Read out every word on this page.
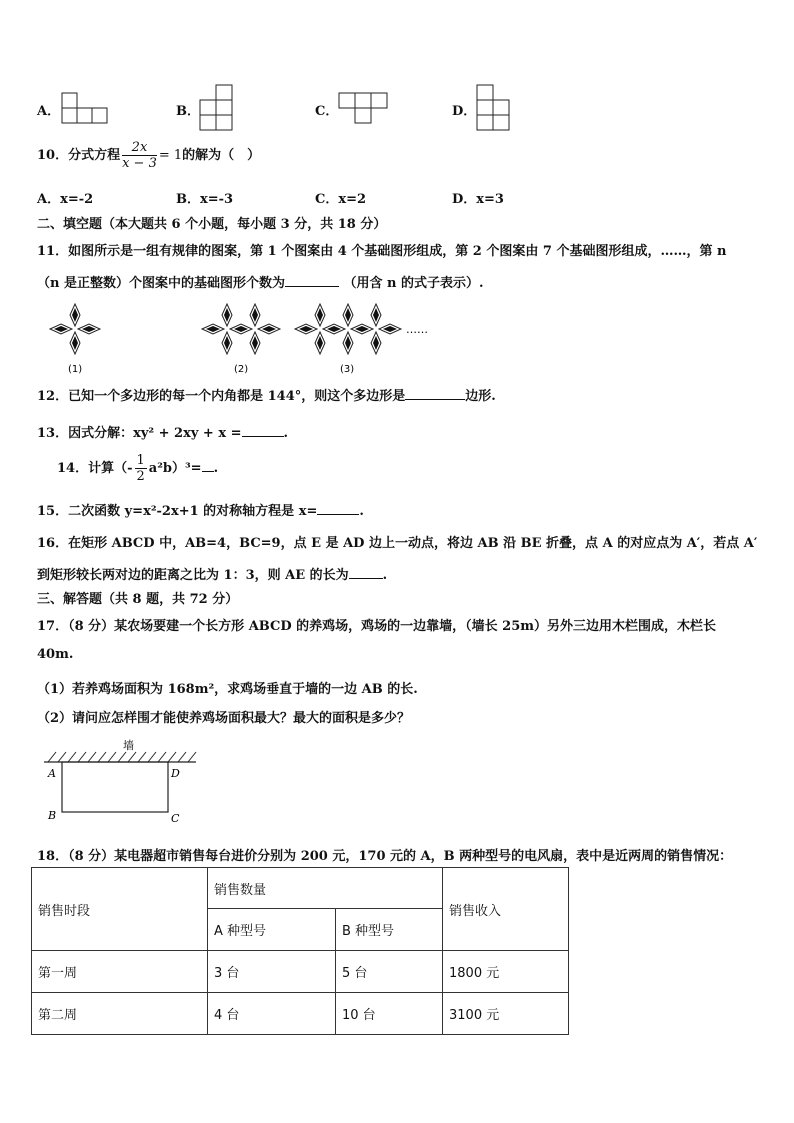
A．	B．	C．	D．
10．分式方程 $\frac{2x}{x - 3} = 1$的解为（　）
A．x=-2	B．x=-3	C．x=2	D．x=3
二、填空题（本大题共 6 个小题，每小题 3 分，共 18 分）
11．如图所示是一组有规律的图案，第 1 个图案由 4 个基础图形组成，第 2 个图案由 7 个基础图形组成，……，第 n
（n 是正整数）个图案中的基础图形个数为	（用含 n 的式子表示）.
(1)	(2)	(3)
……
12．已知一个多边形的每一个内角都是 144°，则这个多边形是	边形.
13．因式分解：xy² + 2xy + x =	.
14．计算（- $\frac{1}{2} a^2b)^3=$ .
15．二次函数 y=x²-2x+1 的对称轴方程是 x=	.
16．在矩形 ABCD 中，AB=4，BC=9，点 E 是 AD 边上一动点，将边 AB 沿 BE 折叠，点 A 的对应点为 A′，若点 A′
到矩形较长两对边的距离之比为 1：3，则 AE 的长为	.
三、解答题（共 8 题，共 72 分）
17．（8 分）某农场要建一个长方形 ABCD 的养鸡场，鸡场的一边靠墙，（墙长 25m）另外三边用木栏围成，木栏长
40m.
（1）若养鸡场面积为 168m²，求鸡场垂直于墙的一边 AB 的长.
（2）请问应怎样围才能使养鸡场面积最大？最大的面积是多少？
墙
A
B	C
D
18．（8 分）某电器超市销售每台进价分别为 200 元，170 元的 A，B 两种型号的电风扇，表中是近两周的销售情况：
销售时段	销售数量		销售收入
	A 种型号	B 种型号	
第一周	3 台	5 台	1800 元
第二周	4 台	10 台	3100 元
